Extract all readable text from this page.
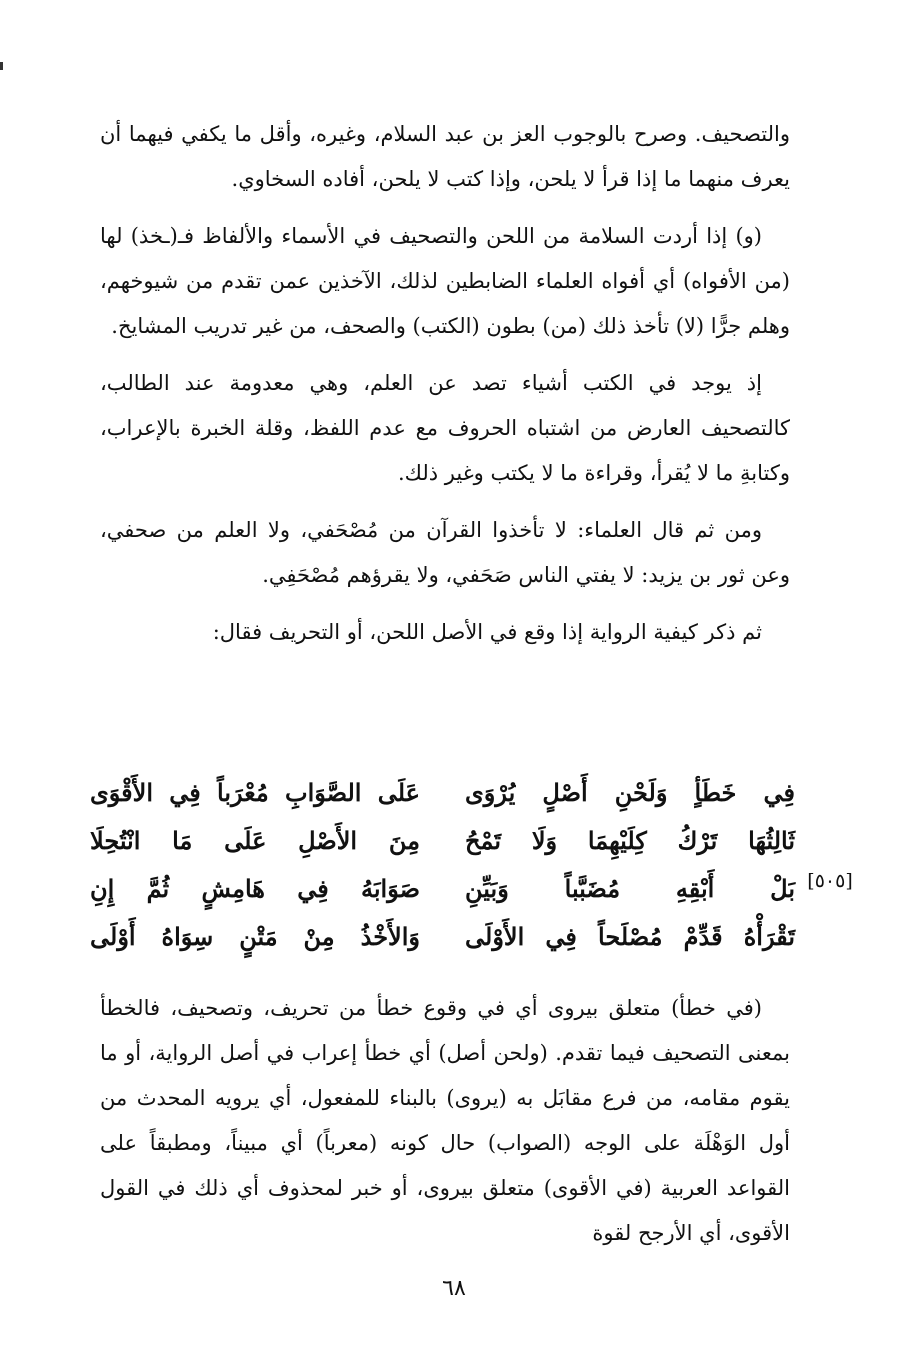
والتصحيف. وصرح بالوجوب العز بن عبد السلام، وغيره، وأقل ما يكفي فيهما أن يعرف منهما ما إذا قرأ لا يلحن، وإذا كتب لا يلحن، أفاده السخاوي.

(و) إذا أردت السلامة من اللحن والتصحيف في الأسماء والألفاظ فـ(ـخذ) لها (من الأفواه) أي أفواه العلماء الضابطين لذلك، الآخذين عمن تقدم من شيوخهم، وهلم جرًّا (لا) تأخذ ذلك (من) بطون (الكتب) والصحف، من غير تدريب المشايخ.

إذ يوجد في الكتب أشياء تصد عن العلم، وهي معدومة عند الطالب، كالتصحيف العارض من اشتباه الحروف مع عدم اللفظ، وقلة الخبرة بالإعراب، وكتابةِ ما لا يُقرأ، وقراءة ما لا يكتب وغير ذلك.

ومن ثم قال العلماء: لا تأخذوا القرآن من مُصْحَفي، ولا العلم من صحفي، وعن ثور بن يزيد: لا يفتي الناس صَحَفي، ولا يقرؤهم مُصْحَفِي.

ثم ذكر كيفية الرواية إذا وقع في الأصل اللحن، أو التحريف فقال:

فِي خَطَأٍ وَلَحْنِ أَصْلٍ يُرْوَى
عَلَى الصَّوَابِ مُعْرَباً فِي الأَقْوَى
ثَالِثُهَا تَرْكُ كِلَيْهِمَا وَلَا تَمْحُ
مِنَ الأَصْلِ عَلَى مَا انْتُحِلَا
بَلْ أَبْقِهِ مُضَبَّباً وَبَيِّنِ
صَوَابَهُ فِي هَامِشٍ ثُمَّ إِنِ
تَقْرَأْهُ قَدِّمْ مُصْلَحاً فِي الأَوْلَى
وَالأَخْذُ مِنْ مَتْنٍ سِوَاهُ أَوْلَى
[٥٠٥]

(في خطأ) متعلق بيروى أي في وقوع خطأ من تحريف، وتصحيف، فالخطأ بمعنى التصحيف فيما تقدم. (ولحن أصل) أي خطأ إعراب في أصل الرواية، أو ما يقوم مقامه، من فرع مقابَل به (يروى) بالبناء للمفعول، أي يرويه المحدث من أول الوَهْلَة على الوجه (الصواب) حال كونه (معرباً) أي مبيناً، ومطبقاً على القواعد العربية (في الأقوى) متعلق بيروى، أو خبر لمحذوف أي ذلك في القول الأقوى، أي الأرجح لقوة

٦٨
